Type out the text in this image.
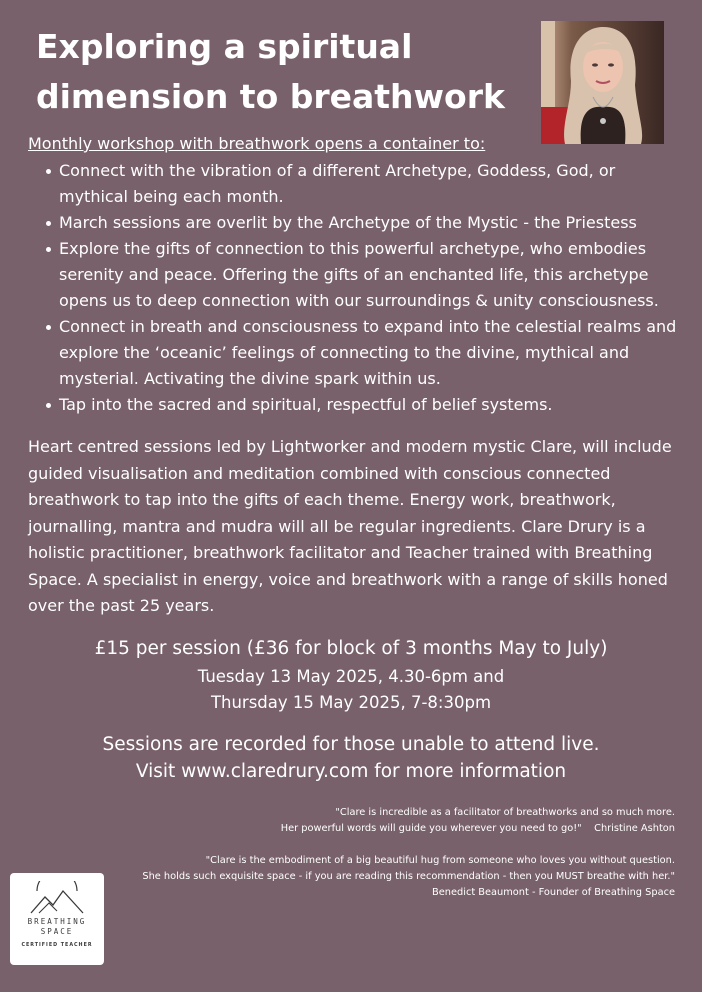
Exploring a spiritual
dimension to breathwork

Monthly workshop with breathwork opens a container to:

Connect with the vibration of a different Archetype, Goddess, God, or mythical being each month.
March sessions are overlit by the Archetype of the Mystic - the Priestess
Explore the gifts of connection to this powerful archetype, who embodies serenity and peace. Offering the gifts of an enchanted life, this archetype opens us to deep connection with our surroundings & unity consciousness.
Connect in breath and consciousness to expand into the celestial realms and explore the ‘oceanic’ feelings of connecting to the divine, mythical and mysterial. Activating the divine spark within us.
Tap into the sacred and spiritual, respectful of belief systems.

Heart centred sessions led by Lightworker and modern mystic Clare, will include guided visualisation and meditation combined with conscious connected breathwork to tap into the gifts of each theme. Energy work, breathwork, journalling, mantra and mudra will all be regular ingredients. Clare Drury is a holistic practitioner, breathwork facilitator and Teacher trained with Breathing Space. A specialist in energy, voice and breathwork with a range of skills honed over the past 25 years.

£15 per session (£36 for block of 3 months May to July)

Tuesday 13 May 2025, 4.30-6pm and

Thursday 15 May 2025, 7-8:30pm

Sessions are recorded for those unable to attend live.

Visit www.claredrury.com for more information

"Clare is incredible as a facilitator of breathworks and so much more.
Her powerful words will guide you wherever you need to go!" Christine Ashton
"Clare is the embodiment of a big beautiful hug from someone who loves you without question.
She holds such exquisite space - if you are reading this recommendation - then you MUST breathe with her."
Benedict Beaumont - Founder of Breathing Space
BREATHING
SPACE
CERTIFIED TEACHER
